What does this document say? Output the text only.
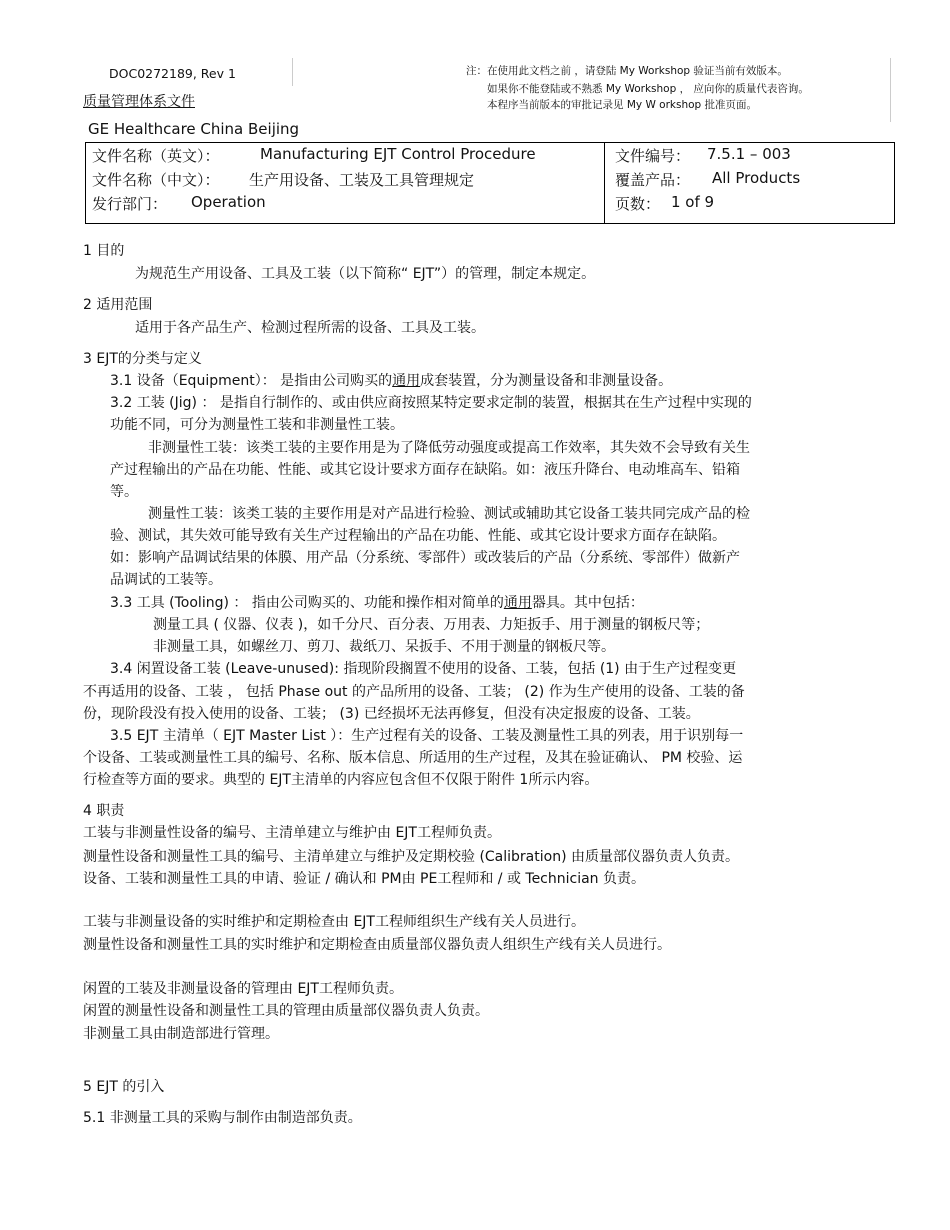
DOC0272189, Rev 1
质量管理体系文件
注：在使用此文档之前 ，请登陆 My Workshop 验证当前有效版本。
如果你不能登陆或不熟悉 My Workshop ， 应向你的质量代表咨询。
本程序当前版本的审批记录见 My W orkshop 批准页面。
GE Healthcare China Beijing
文件名称（英文）：	Manufacturing EJT Control Procedure
文件名称（中文）： 生产用设备、工装及工具管理规定
发行部门： Operation
文件编号： 7.5.1 – 003
覆盖产品： All Products
页数： 1 of 9
1 目的
为规范生产用设备、工具及工装（以下简称“ EJT”）的管理，制定本规定。
2 适用范围
适用于各产品生产、检测过程所需的设备、工具及工装。
3 EJT的分类与定义
3.1 设备（Equipment）： 是指由公司购买的通用成套装置，分为测量设备和非测量设备。
3.2 工装 (Jig) ： 是指自行制作的、或由供应商按照某特定要求定制的装置，根据其在生产过程中实现的
功能不同，可分为测量性工装和非测量性工装。
非测量性工装：该类工装的主要作用是为了降低劳动强度或提高工作效率，其失效不会导致有关生
产过程输出的产品在功能、性能、或其它设计要求方面存在缺陷。如：液压升降台、电动堆高车、铅箱
等。
测量性工装：该类工装的主要作用是对产品进行检验、测试或辅助其它设备工装共同完成产品的检
验、测试，其失效可能导致有关生产过程输出的产品在功能、性能、或其它设计要求方面存在缺陷。
如：影响产品调试结果的体膜、用产品（分系统、零部件）或改装后的产品（分系统、零部件）做新产
品调试的工装等。
3.3 工具 (Tooling) ： 指由公司购买的、功能和操作相对简单的通用器具。其中包括：
测量工具 ( 仪器、仪表 )，如千分尺、百分表、万用表、力矩扳手、用于测量的钢板尺等；
非测量工具，如螺丝刀、剪刀、裁纸刀、呆扳手、不用于测量的钢板尺等。
3.4 闲置设备工装 (Leave-unused): 指现阶段搁置不使用的设备、工装，包括 (1) 由于生产过程变更
不再适用的设备、工装 ， 包括 Phase out 的产品所用的设备、工装； (2) 作为生产使用的设备、工装的备
份，现阶段没有投入使用的设备、工装； (3) 已经损坏无法再修复，但没有决定报废的设备、工装。
3.5 EJT 主清单（ EJT Master List ）：生产过程有关的设备、工装及测量性工具的列表，用于识别每一
个设备、工装或测量性工具的编号、名称、版本信息、所适用的生产过程，及其在验证确认、 PM 校验、运
行检查等方面的要求。典型的 EJT主清单的内容应包含但不仅限于附件 1所示内容。
4 职责
工装与非测量性设备的编号、主清单建立与维护由 EJT工程师负责。
测量性设备和测量性工具的编号、主清单建立与维护及定期校验 (Calibration) 由质量部仪器负责人负责。
设备、工装和测量性工具的申请、验证 / 确认和 PM由 PE工程师和 / 或 Technician 负责。
工装与非测量设备的实时维护和定期检查由 EJT工程师组织生产线有关人员进行。
测量性设备和测量性工具的实时维护和定期检查由质量部仪器负责人组织生产线有关人员进行。
闲置的工装及非测量设备的管理由 EJT工程师负责。
闲置的测量性设备和测量性工具的管理由质量部仪器负责人负责。
非测量工具由制造部进行管理。
5 EJT 的引入
5.1 非测量工具的采购与制作由制造部负责。
